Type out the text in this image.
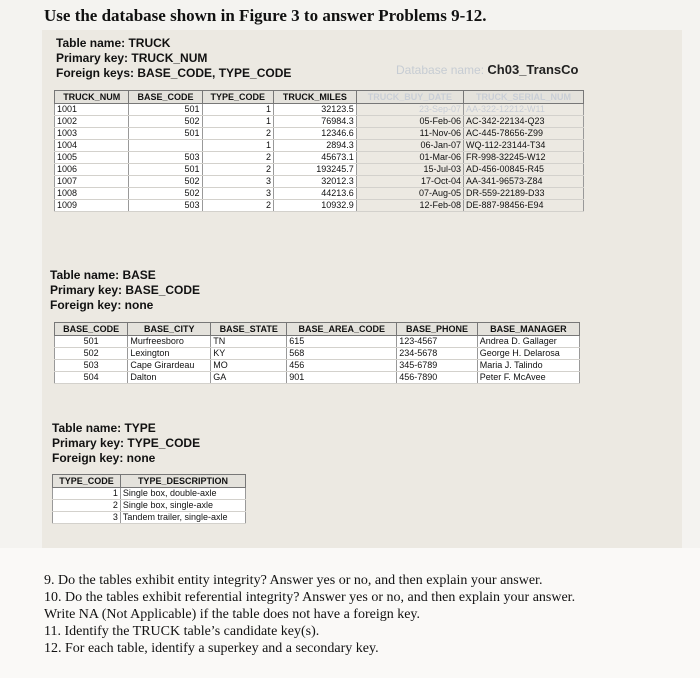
Use the database shown in Figure 3 to answer Problems 9-12.
Table name: TRUCK
Primary key: TRUCK_NUM
Foreign keys: BASE_CODE, TYPE_CODE	Database name: Ch03_TransCo
TRUCK_NUM	BASE_CODE	TYPE_CODE	TRUCK_MILES	TRUCK_BUY_DATE	TRUCK_SERIAL_NUM
1001	501	1	32123.5	23-Sep-07	AA-322-12212-W11
1002	502	1	76984.3	05-Feb-06	AC-342-22134-Q23
1003	501	2	12346.6	11-Nov-06	AC-445-78656-Z99
1004		1	2894.3	06-Jan-07	WQ-112-23144-T34
1005	503	2	45673.1	01-Mar-06	FR-998-32245-W12
1006	501	2	193245.7	15-Jul-03	AD-456-00845-R45
1007	502	3	32012.3	17-Oct-04	AA-341-96573-Z84
1008	502	3	44213.6	07-Aug-05	DR-559-22189-D33
1009	503	2	10932.9	12-Feb-08	DE-887-98456-E94
Table name: BASE
Primary key: BASE_CODE
Foreign key: none
BASE_CODE	BASE_CITY	BASE_STATE	BASE_AREA_CODE	BASE_PHONE	BASE_MANAGER
501	Murfreesboro	TN	615	123-4567	Andrea D. Gallager
502	Lexington	KY	568	234-5678	George H. Delarosa
503	Cape Girardeau	MO	456	345-6789	Maria J. Talindo
504	Dalton	GA	901	456-7890	Peter F. McAvee
Table name: TYPE
Primary key: TYPE_CODE
Foreign key: none
TYPE_CODE	TYPE_DESCRIPTION
1	Single box, double-axle
2	Single box, single-axle
3	Tandem trailer, single-axle
9. Do the tables exhibit entity integrity? Answer yes or no, and then explain your answer.
10. Do the tables exhibit referential integrity? Answer yes or no, and then explain your answer.
Write NA (Not Applicable) if the table does not have a foreign key.
11. Identify the TRUCK table’s candidate key(s).
12. For each table, identify a superkey and a secondary key.
